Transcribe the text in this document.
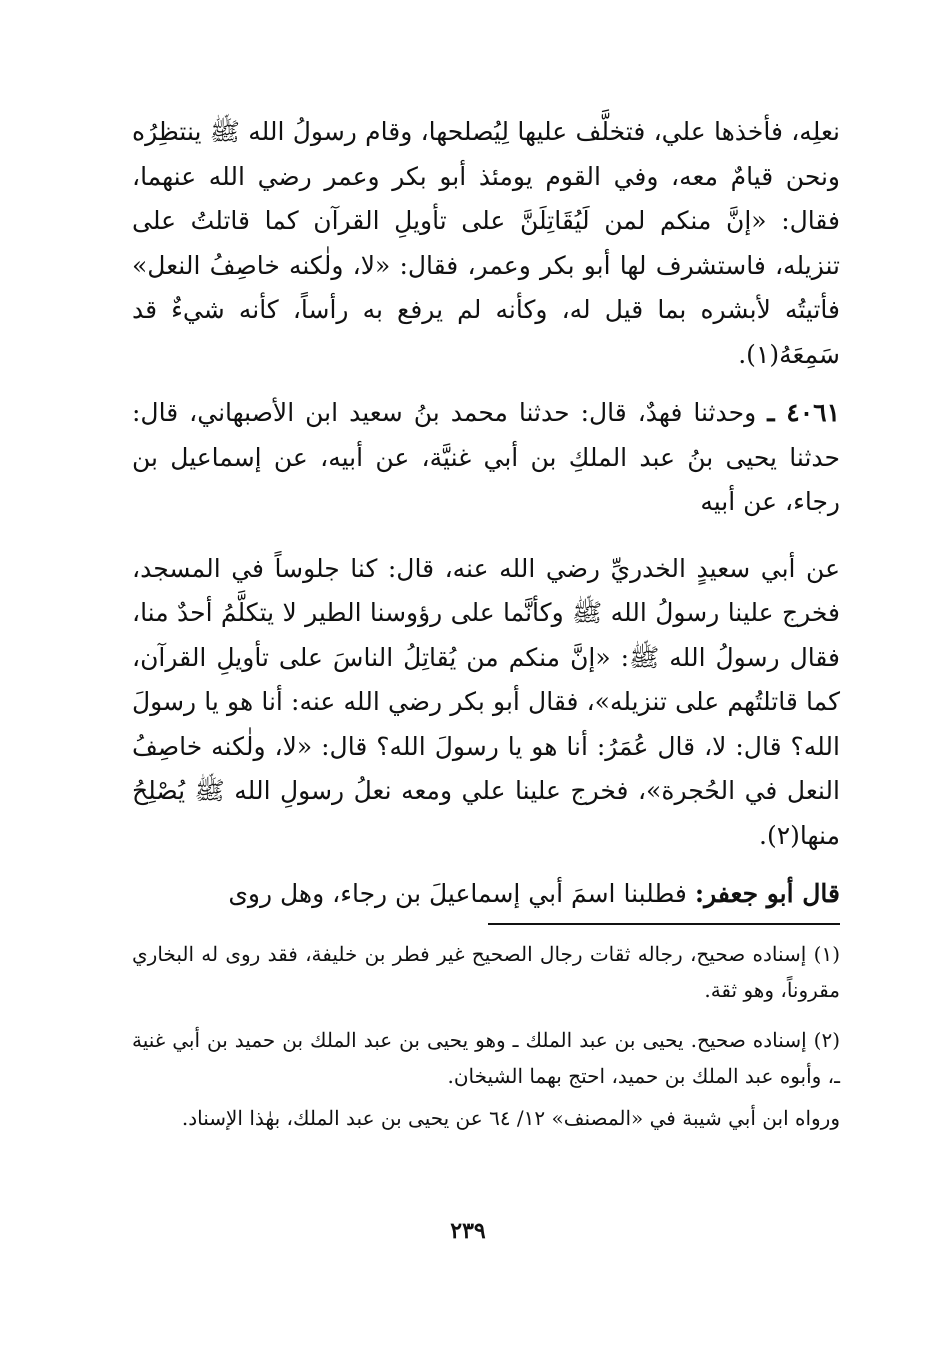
نعلِه، فأخذها علي، فتخلَّف عليها لِيُصلحها، وقام رسولُ الله ﷺ ينتظِرُه ونحن قيامٌ معه، وفي القوم يومئذ أبو بكر وعمر رضي الله عنهما، فقال: «إنَّ منكم لمن لَيُقَاتِلَنَّ على تأويلِ القرآن كما قاتلتُ على تنزيله، فاستشرف لها أبو بكر وعمر، فقال: «لا، ولٰكنه خاصِفُ النعل» فأتيتُه لأبشره بما قيل له، وكأنه لم يرفع به رأساً، كأنه شيءٌ قد سَمِعَهُ(١).

٤٠٦١ ـ وحدثنا فهدٌ، قال: حدثنا محمد بنُ سعيد ابن الأصبهاني، قال: حدثنا يحيى بنُ عبد الملكِ بن أبي غنيَّة، عن أبيه، عن إسماعيل بن رجاء، عن أبيه

عن أبي سعيدٍ الخدريِّ رضي الله عنه، قال: كنا جلوساً في المسجد، فخرج علينا رسولُ الله ﷺ وكأنَّما على رؤوسنا الطير لا يتكلَّمُ أحدٌ منا، فقال رسولُ الله ﷺ: «إنَّ منكم من يُقاتِلُ الناسَ على تأويلِ القرآن، كما قاتلتُهم على تنزيله»، فقال أبو بكر رضي الله عنه: أنا هو يا رسولَ الله؟ قال: لا، قال عُمَرُ: أنا هو يا رسولَ الله؟ قال: «لا، ولٰكنه خاصِفُ النعل في الحُجرة»، فخرج علينا علي ومعه نعلُ رسولِ الله ﷺ يُصْلِحُ منها(٢).

قال أبو جعفر: فطلبنا اسمَ أبي إسماعيلَ بن رجاء، وهل روى

(١) إسناده صحيح، رجاله ثقات رجال الصحيح غير فطر بن خليفة، فقد روى له البخاري مقروناً، وهو ثقة.

(٢) إسناده صحيح. يحيى بن عبد الملك ـ وهو يحيى بن عبد الملك بن حميد بن أبي غنية ـ، وأبوه عبد الملك بن حميد، احتج بهما الشيخان.

ورواه ابن أبي شيبة في «المصنف» ١٢/ ٦٤ عن يحيى بن عبد الملك، بهٰذا الإسناد.

٢٣٩
